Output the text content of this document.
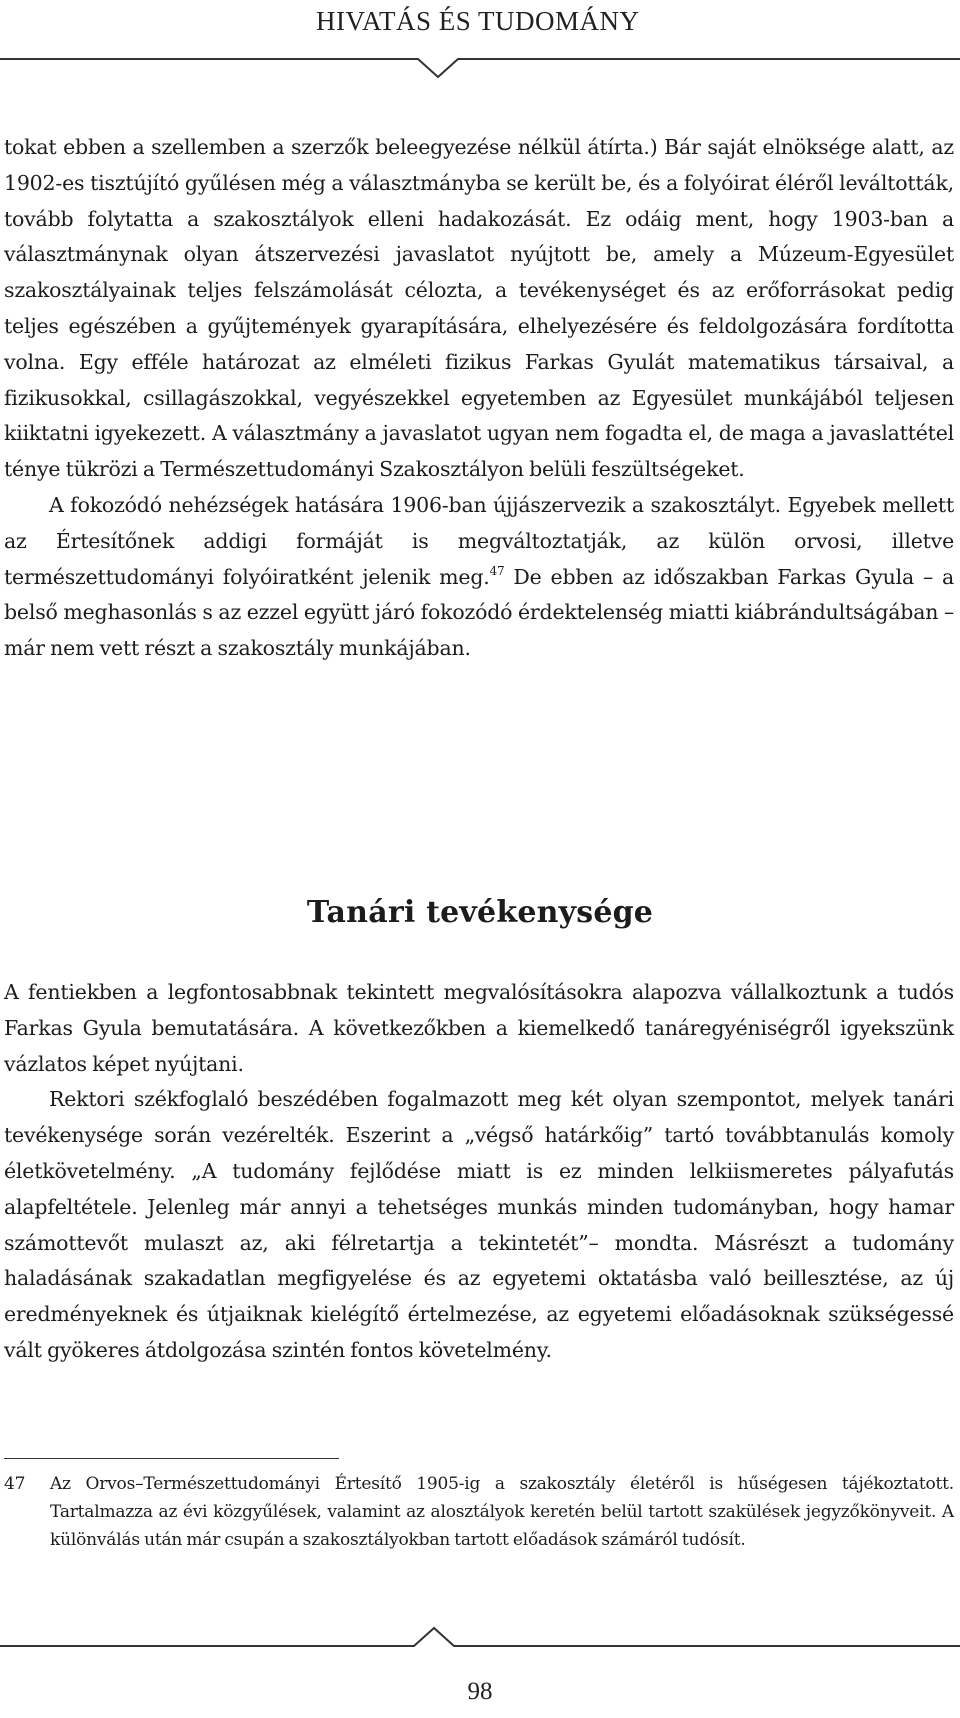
HIVATÁS ÉS TUDOMÁNY

tokat ebben a szellemben a szerzők beleegyezése nélkül átírta.) Bár saját elnöksége alatt, az 1902-es tisztújító gyűlésen még a választmányba se került be, és a folyóirat éléről leváltották, tovább folytatta a szakosztályok elleni hadakozását. Ez odáig ment, hogy 1903-ban a választmánynak olyan átszervezési javaslatot nyújtott be, amely a Múzeum-Egyesület szakosztályainak teljes felszámolását célozta, a tevékenységet és az erőforrásokat pedig teljes egészében a gyűjtemények gyarapítására, elhelyezésére és feldolgozására fordította volna. Egy efféle határozat az elméleti fizikus Farkas Gyulát matematikus társaival, a fizikusokkal, csillagászokkal, vegyészekkel egyetemben az Egyesület munkájából teljesen kiiktatni igyekezett. A választmány a javaslatot ugyan nem fogadta el, de maga a javaslattétel ténye tükrözi a Természettudományi Szakosztályon belüli feszültségeket.

A fokozódó nehézségek hatására 1906-ban újjászervezik a szakosztályt. Egyebek mellett az Értesítőnek addigi formáját is megváltoztatják, az külön orvosi, illetve természettudományi folyóiratként jelenik meg.$^{47}$ De ebben az időszakban Farkas Gyula – a belső meghasonlás s az ezzel együtt járó fokozódó érdektelenség miatti kiábrándultságában – már nem vett részt a szakosztály munkájában.

Tanári tevékenysége

A fentiekben a legfontosabbnak tekintett megvalósításokra alapozva vállalkoztunk a tudós Farkas Gyula bemutatására. A következőkben a kiemelkedő tanáregyéniségről igyekszünk vázlatos képet nyújtani.

Rektori székfoglaló beszédében fogalmazott meg két olyan szempontot, melyek tanári tevékenysége során vezérelték. Eszerint a „végső határkőig” tartó továbbtanulás komoly életkövetelmény. „A tudomány fejlődése miatt is ez minden lelkiismeretes pályafutás alapfeltétele. Jelenleg már annyi a tehetséges munkás minden tudományban, hogy hamar számottevőt mulaszt az, aki félretartja a tekintetét”– mondta. Másrészt a tudomány haladásának szakadatlan megfigyelése és az egyetemi oktatásba való beillesztése, az új eredményeknek és útjaiknak kielégítő értelmezése, az egyetemi előadásoknak szükségessé vált gyökeres átdolgozása szintén fontos követelmény.

47	Az Orvos–Természettudományi Értesítő 1905-ig a szakosztály életéről is hűségesen tájékoztatott. Tartalmazza az évi közgyűlések, valamint az alosztályok keretén belül tartott szakülések jegyzőkönyveit. A különválás után már csupán a szakosztályokban tartott előadások számáról tudósít.
98
